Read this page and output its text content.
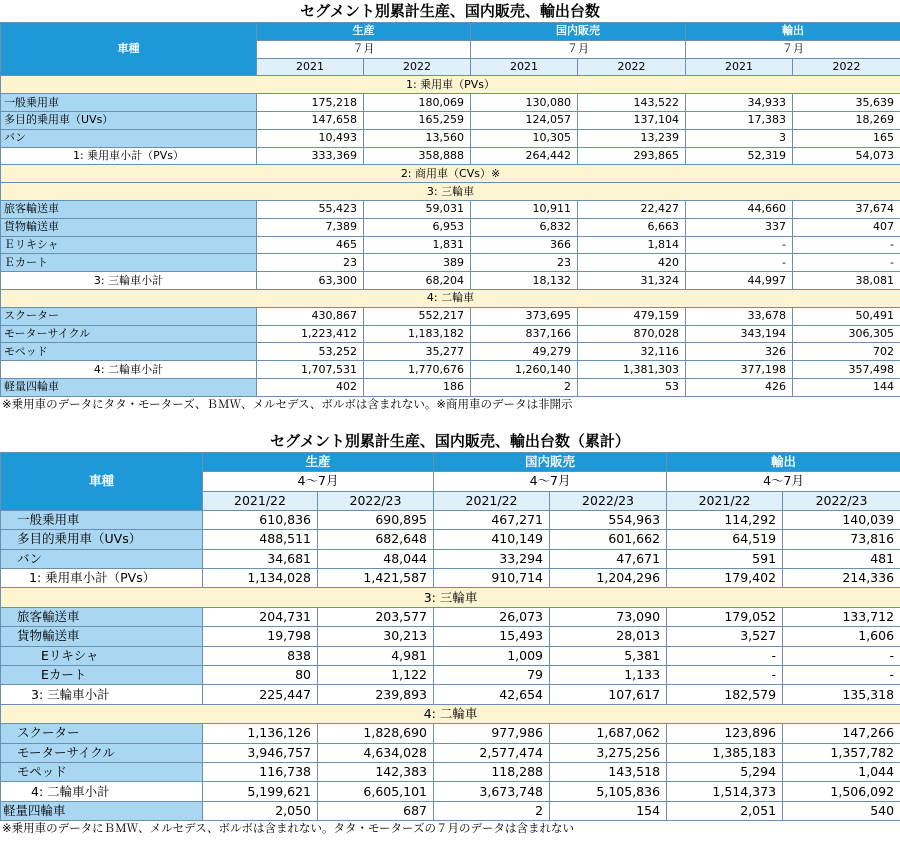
セグメント別累計生産、国内販売、輸出台数
車種	生産		国内販売		輸出	
	７月		７月		７月	
	2021	2022	2021	2022	2021	2022
1: 乗用車（PVs）						
一般乗用車	175,218	180,069	130,080	143,522	34,933	35,639
多目的乗用車（UVs）	147,658	165,259	124,057	137,104	17,383	18,269
バン	10,493	13,560	10,305	13,239	3	165
1: 乗用車小計（PVs）	333,369	358,888	264,442	293,865	52,319	54,073
2: 商用車（CVs）※						
3: 三輪車						
旅客輸送車	55,423	59,031	10,911	22,427	44,660	37,674
貨物輸送車	7,389	6,953	6,832	6,663	337	407
Ｅリキシャ	465	1,831	366	1,814	-	-
Ｅカート	23	389	23	420	-	-
3: 三輪車小計	63,300	68,204	18,132	31,324	44,997	38,081
4: 二輪車						
スクーター	430,867	552,217	373,695	479,159	33,678	50,491
モーターサイクル	1,223,412	1,183,182	837,166	870,028	343,194	306,305
モペッド	53,252	35,277	49,279	32,116	326	702
4: 二輪車小計	1,707,531	1,770,676	1,260,140	1,381,303	377,198	357,498
軽量四輪車	402	186	2	53	426	144
※乗用車のデータにタタ・モーターズ、ＢＭＷ、メルセデス、ボルボは含まれない。※商用車のデータは非開示
セグメント別累計生産、国内販売、輸出台数（累計）
車種	生産		国内販売		輸出	
	4〜7月		4〜7月		4〜7月	
	2021/22	2022/23	2021/22	2022/23	2021/22	2022/23
一般乗用車	610,836	690,895	467,271	554,963	114,292	140,039
多目的乗用車（UVs）	488,511	682,648	410,149	601,662	64,519	73,816
バン	34,681	48,044	33,294	47,671	591	481
1: 乗用車小計（PVs）	1,134,028	1,421,587	910,714	1,204,296	179,402	214,336
3: 三輪車						
旅客輸送車	204,731	203,577	26,073	73,090	179,052	133,712
貨物輸送車	19,798	30,213	15,493	28,013	3,527	1,606
Eリキシャ	838	4,981	1,009	5,381	-	-
Eカート	80	1,122	79	1,133	-	-
3: 三輪車小計	225,447	239,893	42,654	107,617	182,579	135,318
4: 二輪車						
スクーター	1,136,126	1,828,690	977,986	1,687,062	123,896	147,266
モーターサイクル	3,946,757	4,634,028	2,577,474	3,275,256	1,385,183	1,357,782
モペッド	116,738	142,383	118,288	143,518	5,294	1,044
4: 二輪車小計	5,199,621	6,605,101	3,673,748	5,105,836	1,514,373	1,506,092
軽量四輪車	2,050	687	2	154	2,051	540
※乗用車のデータにＢＭＷ、メルセデス、ボルボは含まれない。タタ・モーターズの７月のデータは含まれない
